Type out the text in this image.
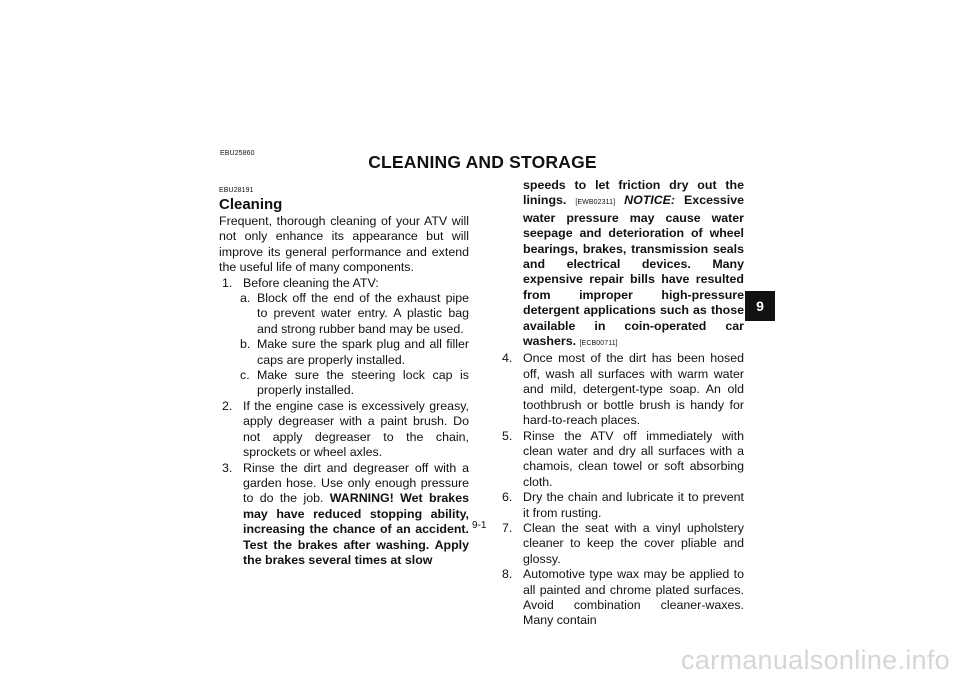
EBU25860	CLEANING AND STORAGE
EBU28191
Cleaning

Frequent, thorough cleaning of your ATV will not only enhance its appearance but will improve its general performance and extend the useful life of many components.

1. Before cleaning the ATV:
a. Block off the end of the exhaust pipe to prevent water entry. A plastic bag and strong rubber band may be used.
b. Make sure the spark plug and all filler caps are properly installed.
c. Make sure the steering lock cap is properly installed.
2. If the engine case is excessively greasy, apply degreaser with a paint brush. Do not apply degreaser to the chain, sprockets or wheel axles.
3. Rinse the dirt and degreaser off with a garden hose. Use only enough pressure to do the job. WARNING! Wet brakes may have reduced stopping ability, increasing the chance of an accident. Test the brakes after washing. Apply the brakes several times at slow
speeds to let friction dry out the linings. [EWB02311] NOTICE: Excessive water pressure may cause water seepage and deterioration of wheel bearings, brakes, transmission seals and electrical devices. Many expensive repair bills have resulted from improper high-pressure detergent applications such as those available in coin-operated car washers. [ECB00711]
4. Once most of the dirt has been hosed off, wash all surfaces with warm water and mild, detergent-type soap. An old toothbrush or bottle brush is handy for hard-to-reach places.
5. Rinse the ATV off immediately with clean water and dry all surfaces with a chamois, clean towel or soft absorbing cloth.
6. Dry the chain and lubricate it to prevent it from rusting.
7. Clean the seat with a vinyl upholstery cleaner to keep the cover pliable and glossy.
8. Automotive type wax may be applied to all painted and chrome plated surfaces. Avoid combination cleaner-waxes. Many contain
9-1
9
carmanualsonline.info
